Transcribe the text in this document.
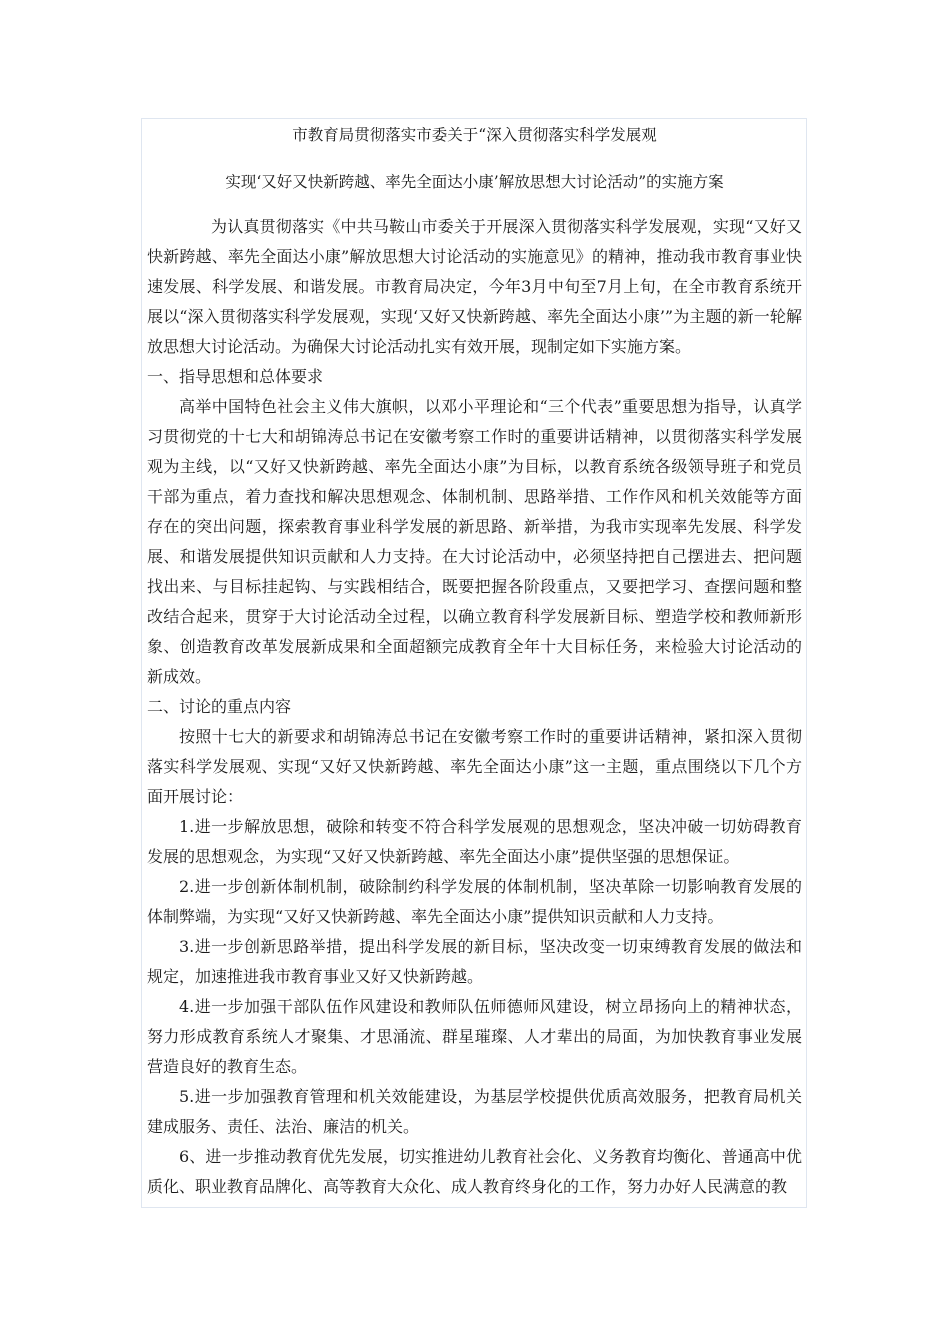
市教育局贯彻落实市委关于“深入贯彻落实科学发展观

实现‘又好又快新跨越、率先全面达小康’解放思想大讨论活动”的实施方案

为认真贯彻落实《中共马鞍山市委关于开展深入贯彻落实科学发展观，实现“又好又快新跨越、率先全面达小康”解放思想大讨论活动的实施意见》的精神，推动我市教育事业快速发展、科学发展、和谐发展。市教育局决定，今年3月中旬至7月上旬，在全市教育系统开展以“深入贯彻落实科学发展观，实现‘又好又快新跨越、率先全面达小康’”为主题的新一轮解放思想大讨论活动。为确保大讨论活动扎实有效开展，现制定如下实施方案。

一、指导思想和总体要求

高举中国特色社会主义伟大旗帜，以邓小平理论和“三个代表”重要思想为指导，认真学习贯彻党的十七大和胡锦涛总书记在安徽考察工作时的重要讲话精神，以贯彻落实科学发展观为主线，以“又好又快新跨越、率先全面达小康”为目标，以教育系统各级领导班子和党员干部为重点，着力查找和解决思想观念、体制机制、思路举措、工作作风和机关效能等方面存在的突出问题，探索教育事业科学发展的新思路、新举措，为我市实现率先发展、科学发展、和谐发展提供知识贡献和人力支持。在大讨论活动中，必须坚持把自己摆进去、把问题找出来、与目标挂起钩、与实践相结合，既要把握各阶段重点，又要把学习、查摆问题和整改结合起来，贯穿于大讨论活动全过程，以确立教育科学发展新目标、塑造学校和教师新形象、创造教育改革发展新成果和全面超额完成教育全年十大目标任务，来检验大讨论活动的新成效。

二、讨论的重点内容

按照十七大的新要求和胡锦涛总书记在安徽考察工作时的重要讲话精神，紧扣深入贯彻落实科学发展观、实现“又好又快新跨越、率先全面达小康”这一主题，重点围绕以下几个方面开展讨论：

1.进一步解放思想，破除和转变不符合科学发展观的思想观念，坚决冲破一切妨碍教育发展的思想观念，为实现“又好又快新跨越、率先全面达小康”提供坚强的思想保证。

2.进一步创新体制机制，破除制约科学发展的体制机制，坚决革除一切影响教育发展的体制弊端，为实现“又好又快新跨越、率先全面达小康”提供知识贡献和人力支持。

3.进一步创新思路举措，提出科学发展的新目标，坚决改变一切束缚教育发展的做法和规定，加速推进我市教育事业又好又快新跨越。

4.进一步加强干部队伍作风建设和教师队伍师德师风建设，树立昂扬向上的精神状态，努力形成教育系统人才聚集、才思涌流、群星璀璨、人才辈出的局面，为加快教育事业发展营造良好的教育生态。

5.进一步加强教育管理和机关效能建设，为基层学校提供优质高效服务，把教育局机关建成服务、责任、法治、廉洁的机关。

6、进一步推动教育优先发展，切实推进幼儿教育社会化、义务教育均衡化、普通高中优质化、职业教育品牌化、高等教育大众化、成人教育终身化的工作，努力办好人民满意的教
